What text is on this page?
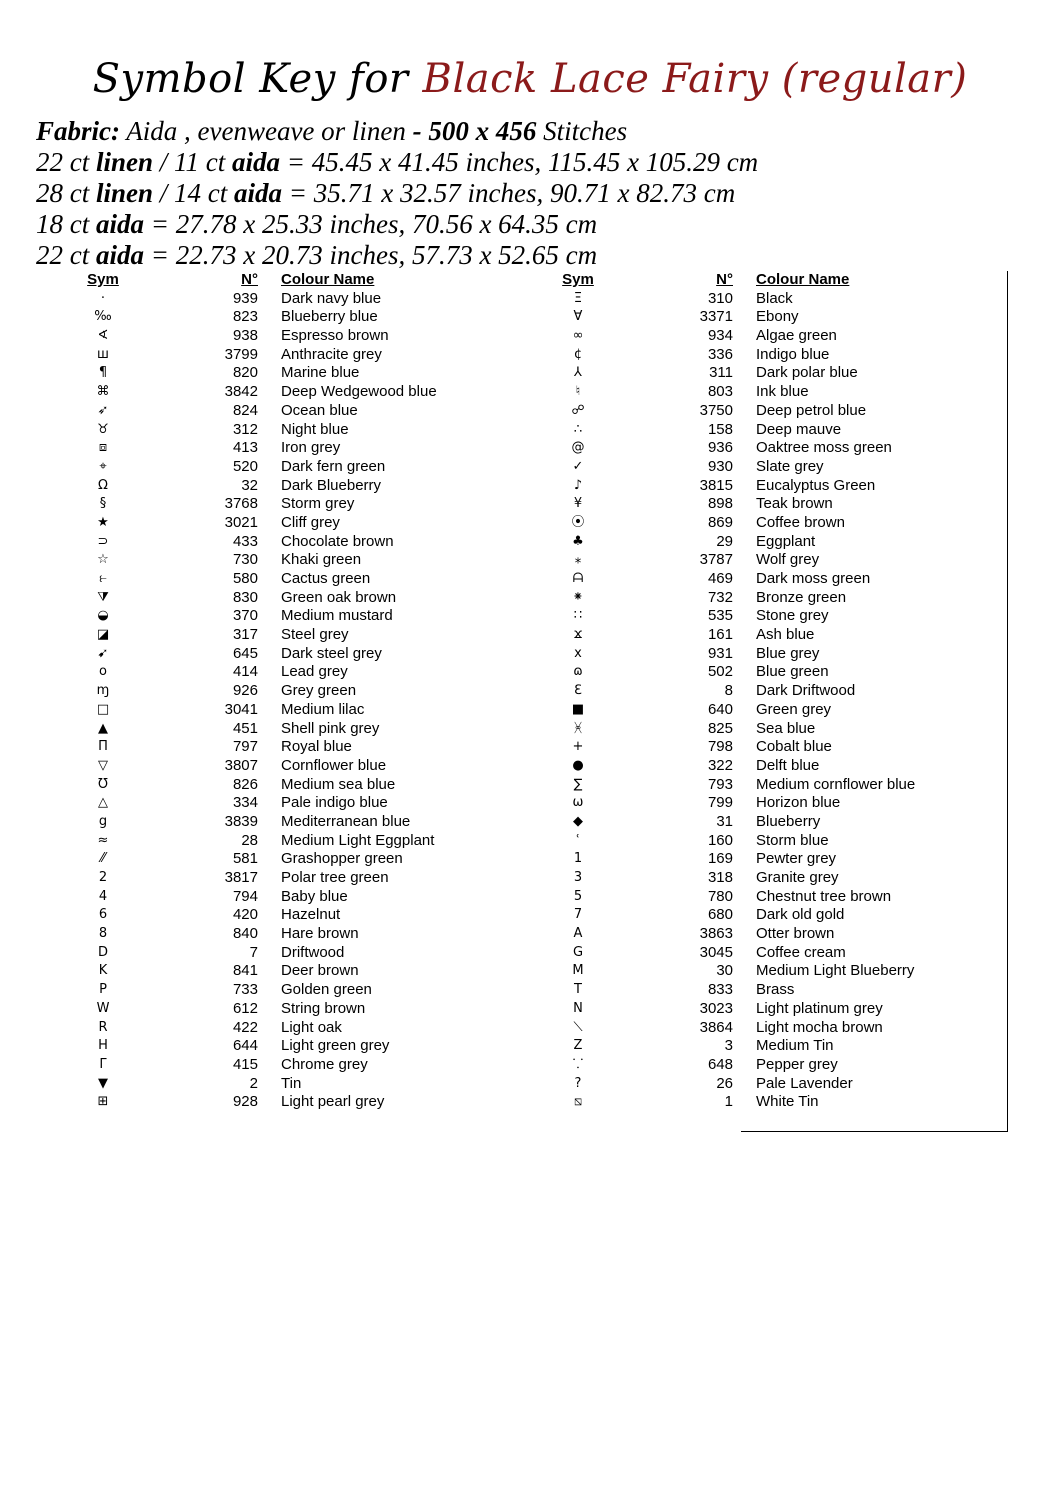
Symbol Key for Black Lace Fairy (regular)
Fabric: Aida , evenweave or linen - 500 x 456 Stitches
22 ct linen / 11 ct aida = 45.45 x 41.45 inches, 115.45 x 105.29 cm
28 ct linen / 14 ct aida = 35.71 x 32.57 inches, 90.71 x 82.73 cm
18 ct aida = 27.78 x 25.33 inches, 70.56 x 64.35 cm
22 ct aida = 22.73 x 20.73 inches, 57.73 x 52.65 cm
Sym	N° Colour Name
·	939 Dark navy blue
‰	823 Blueberry blue
∢	938 Espresso brown
ш	3799 Anthracite grey
¶	820 Marine blue
⌘	3842 Deep Wedgewood blue
➶	824 Ocean blue
♉	312 Night blue
⧈	413 Iron grey
⌖	520 Dark fern green
Ω	32 Dark Blueberry
§	3768 Storm grey
★	3021 Cliff grey
⊃	433 Chocolate brown
☆	730 Khaki green
⥼	580 Cactus green
⧩	830 Green oak brown
◒	370 Medium mustard
◪	317 Steel grey
➹	645 Dark steel grey
o	414 Lead grey
ɱ	926 Grey green
□	3041 Medium lilac
▲	451 Shell pink grey
Π	797 Royal blue
▽	3807 Cornflower blue
Ʊ	826 Medium sea blue
△	334 Pale indigo blue
g	3839 Mediterranean blue
≈	28 Medium Light Eggplant
⁄⁄	581 Grashopper green
2	3817 Polar tree green
4	794 Baby blue
6	420 Hazelnut
8	840 Hare brown
D	7 Driftwood
K	841 Deer brown
P	733 Golden green
W	612 String brown
R	422 Light oak
H	644 Light green grey
Γ	415 Chrome grey
▼	2 Tin
⊞	928 Light pearl grey
Sym	N° Colour Name
Ξ	310 Black
Ɐ	3371 Ebony
∞	934 Algae green
¢	336 Indigo blue
⅄	311 Dark polar blue
♮	803 Ink blue
☍	3750 Deep petrol blue
∴	158 Deep mauve
@	936 Oaktree moss green
✓	930 Slate grey
♪	3815 Eucalyptus Green
¥	898 Teak brown
⦿	869 Coffee brown
♣	29 Eggplant
⁎	3787 Wolf grey
ᗩ	469 Dark moss green
⁕	732 Bronze green
∷	535 Stone grey
ϫ	161 Ash blue
x	931 Blue grey
ɷ	502 Blue green
ℇ	8 Dark Driftwood
■	640 Green grey
ᚸ	825 Sea blue
+	798 Cobalt blue
●	322 Delft blue
∑	793 Medium cornflower blue
ω	799 Horizon blue
◆	31 Blueberry
ʿ	160 Storm blue
1	169 Pewter grey
3	318 Granite grey
5	780 Chestnut tree brown
7	680 Dark old gold
A	3863 Otter brown
G	3045 Coffee cream
M	30 Medium Light Blueberry
T	833 Brass
N	3023 Light platinum grey
⟍	3864 Light mocha brown
Z	3 Medium Tin
⸪	648 Pepper grey
?	26 Pale Lavender
⧅	1 White Tin
